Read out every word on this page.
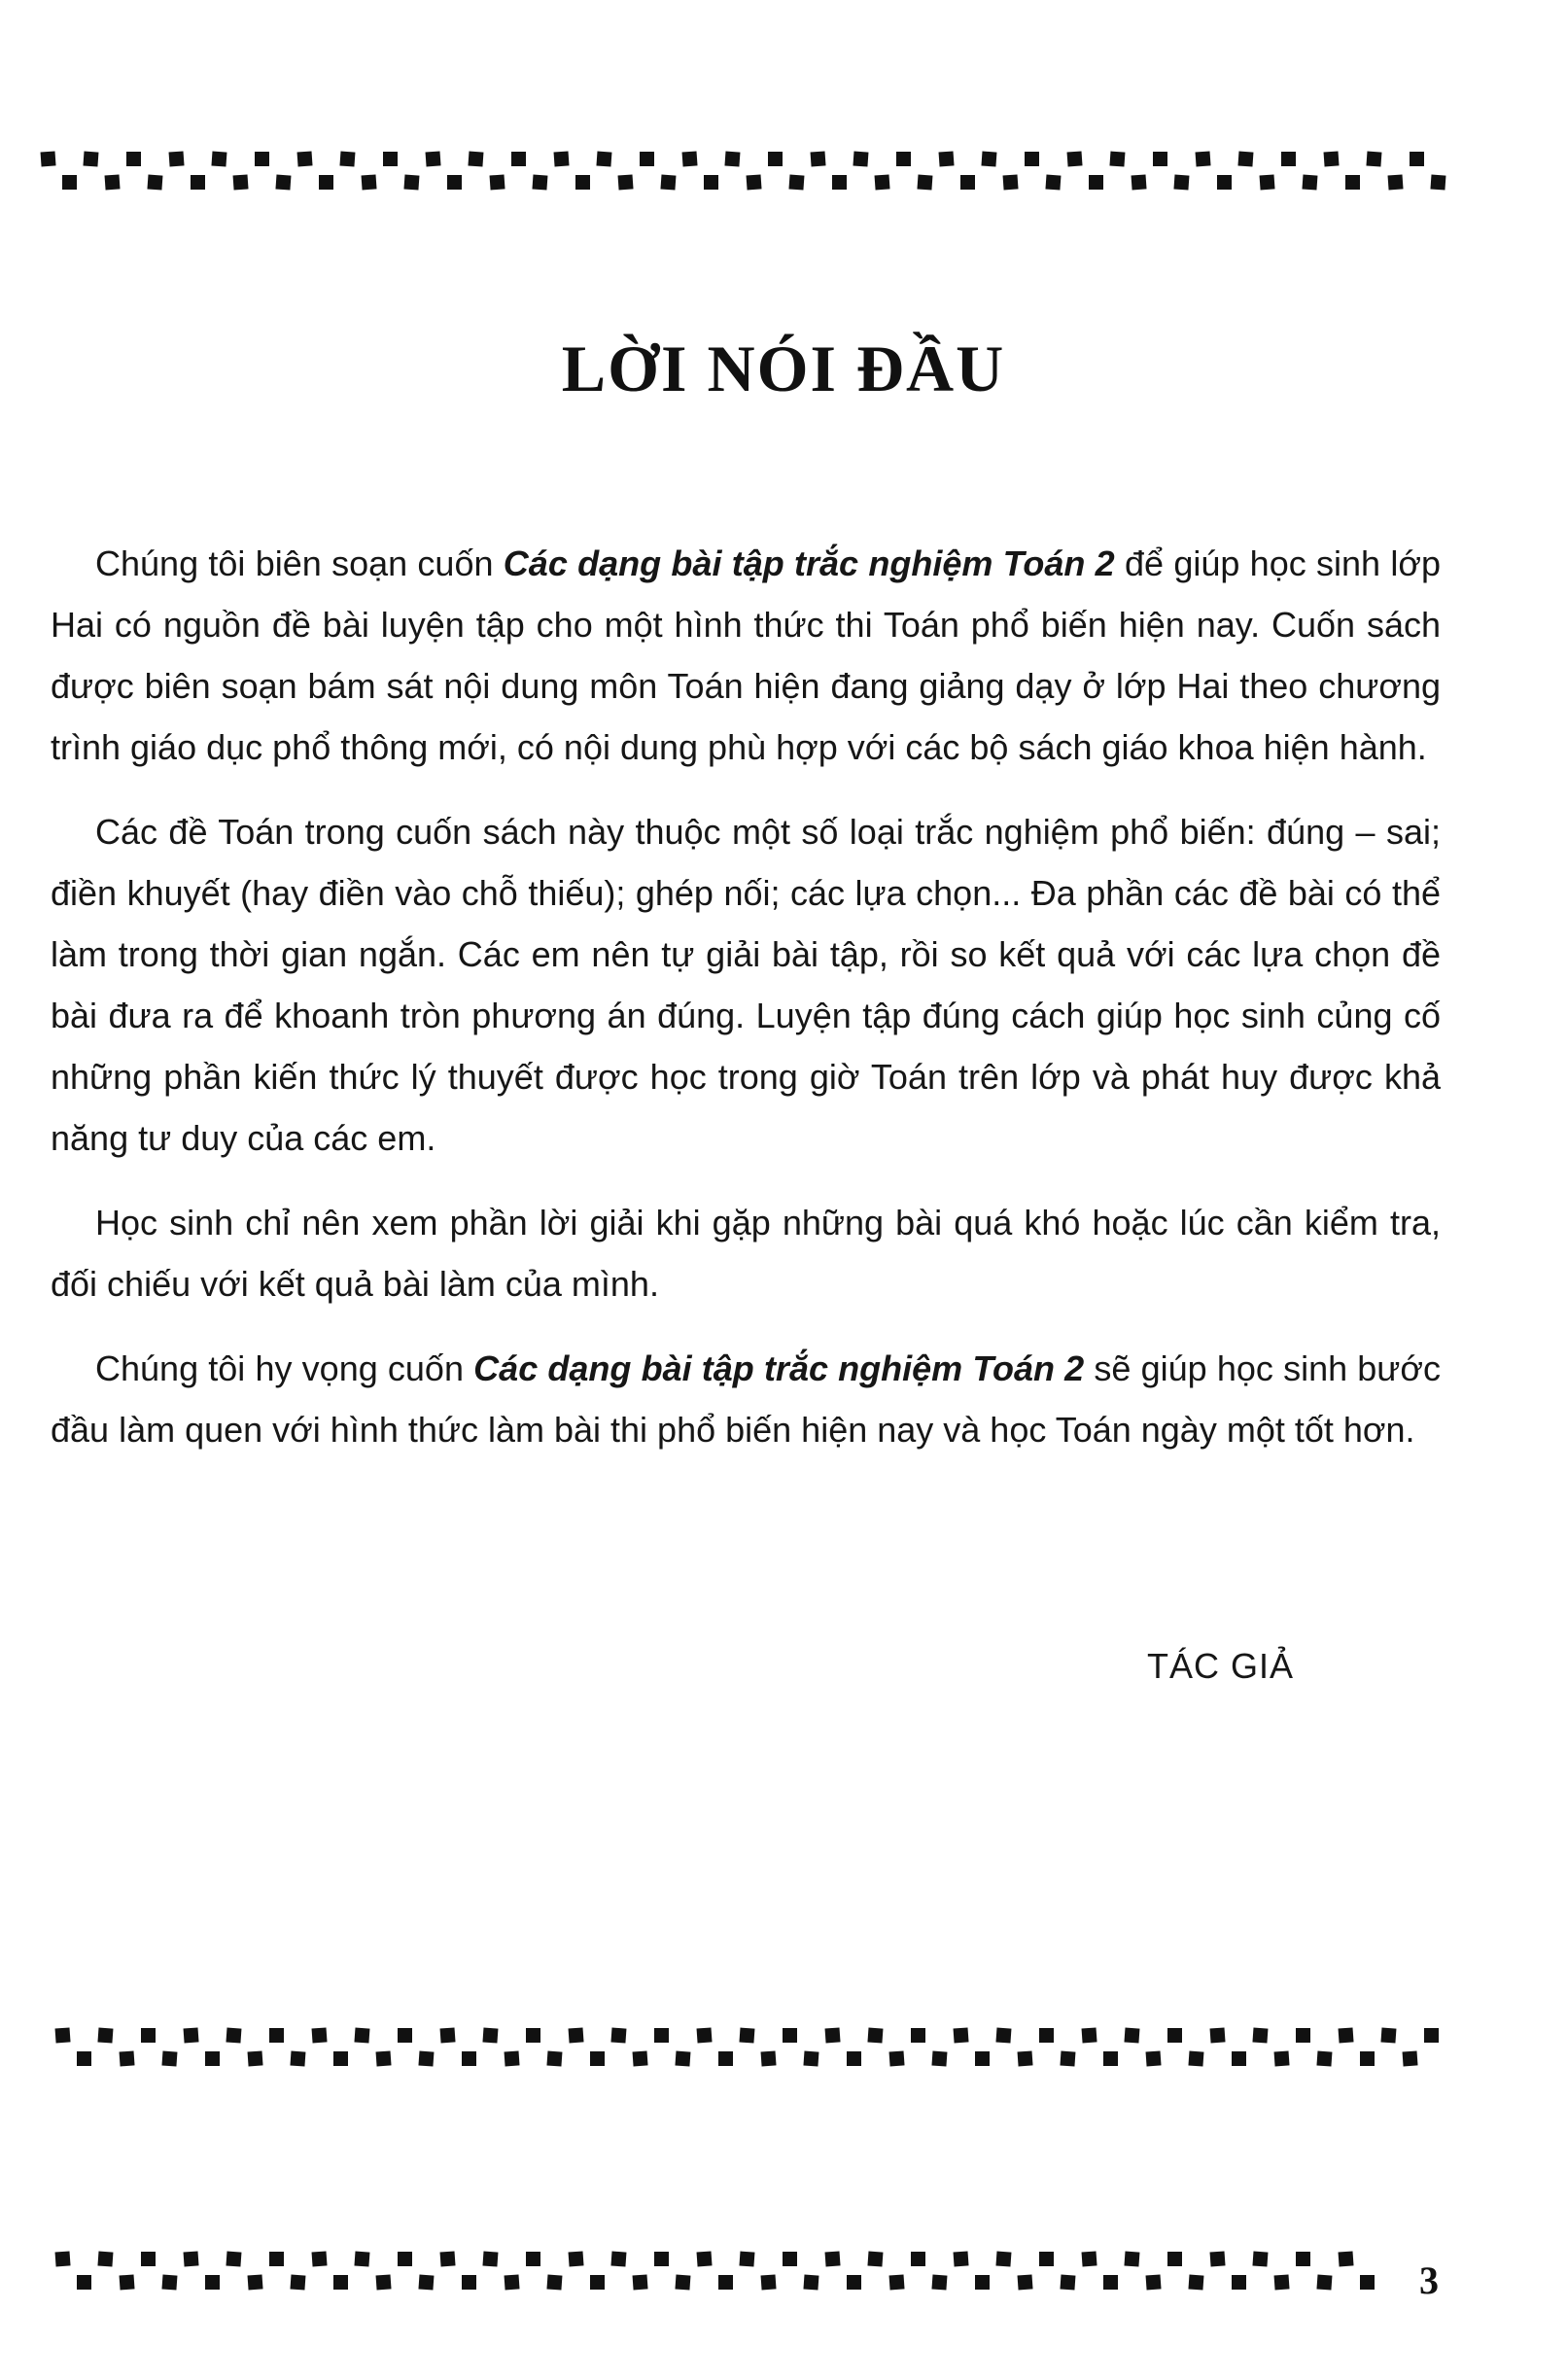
LỜI NÓI ĐẦU

Chúng tôi biên soạn cuốn Các dạng bài tập trắc nghiệm Toán 2 để giúp học sinh lớp Hai có nguồn đề bài luyện tập cho một hình thức thi Toán phổ biến hiện nay. Cuốn sách được biên soạn bám sát nội dung môn Toán hiện đang giảng dạy ở lớp Hai theo chương trình giáo dục phổ thông mới, có nội dung phù hợp với các bộ sách giáo khoa hiện hành.

Các đề Toán trong cuốn sách này thuộc một số loại trắc nghiệm phổ biến: đúng – sai; điền khuyết (hay điền vào chỗ thiếu); ghép nối; các lựa chọn... Đa phần các đề bài có thể làm trong thời gian ngắn. Các em nên tự giải bài tập, rồi so kết quả với các lựa chọn đề bài đưa ra để khoanh tròn phương án đúng. Luyện tập đúng cách giúp học sinh củng cố những phần kiến thức lý thuyết được học trong giờ Toán trên lớp và phát huy được khả năng tư duy của các em.

Học sinh chỉ nên xem phần lời giải khi gặp những bài quá khó hoặc lúc cần kiểm tra, đối chiếu với kết quả bài làm của mình.

Chúng tôi hy vọng cuốn Các dạng bài tập trắc nghiệm Toán 2 sẽ giúp học sinh bước đầu làm quen với hình thức làm bài thi phổ biến hiện nay và học Toán ngày một tốt hơn.

TÁC GIẢ
3
